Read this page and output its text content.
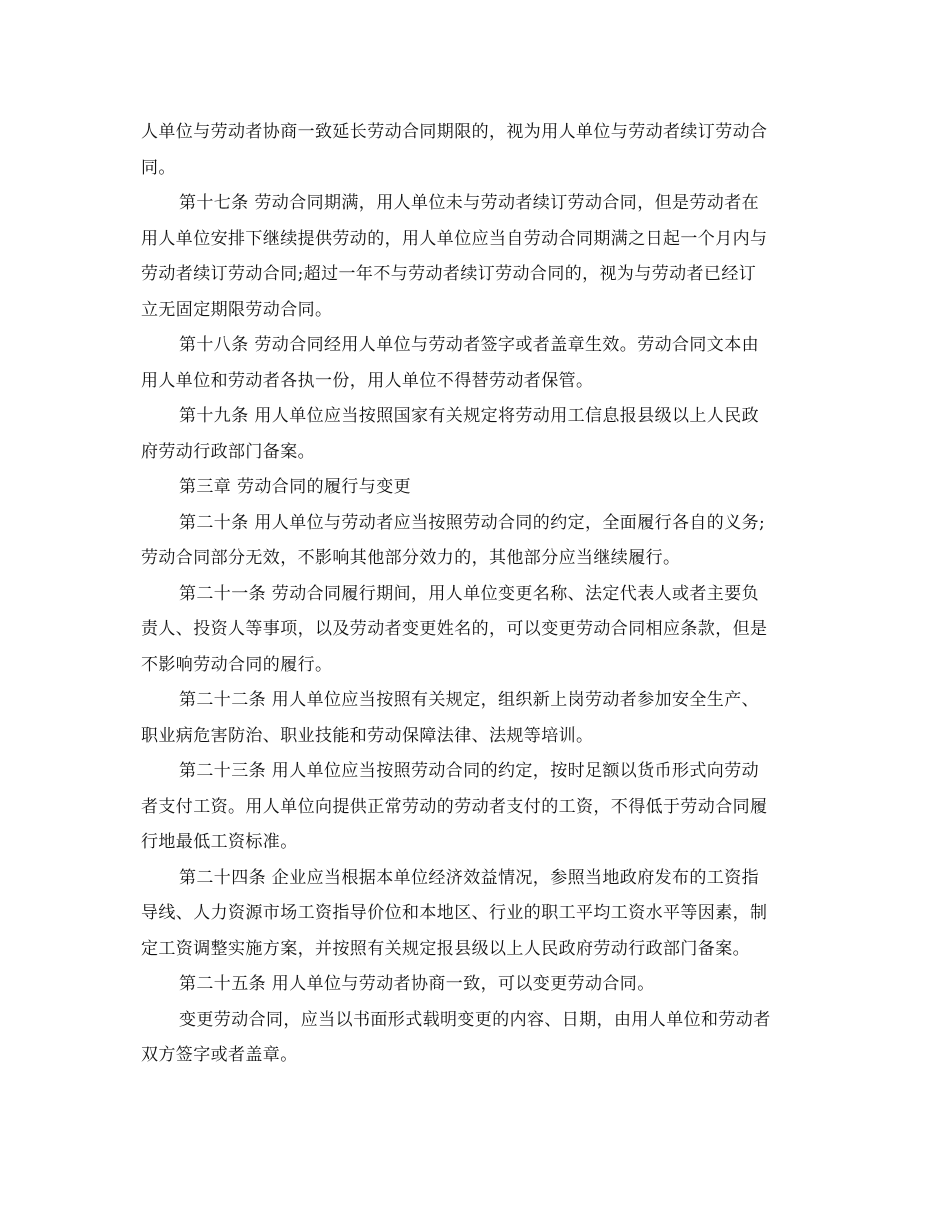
人单位与劳动者协商一致延长劳动合同期限的，视为用人单位与劳动者续订劳动合
同。
第十七条 劳动合同期满，用人单位未与劳动者续订劳动合同，但是劳动者在
用人单位安排下继续提供劳动的，用人单位应当自劳动合同期满之日起一个月内与
劳动者续订劳动合同;超过一年不与劳动者续订劳动合同的，视为与劳动者已经订
立无固定期限劳动合同。
第十八条 劳动合同经用人单位与劳动者签字或者盖章生效。劳动合同文本由
用人单位和劳动者各执一份，用人单位不得替劳动者保管。
第十九条 用人单位应当按照国家有关规定将劳动用工信息报县级以上人民政
府劳动行政部门备案。
第三章 劳动合同的履行与变更
第二十条 用人单位与劳动者应当按照劳动合同的约定，全面履行各自的义务;
劳动合同部分无效，不影响其他部分效力的，其他部分应当继续履行。
第二十一条 劳动合同履行期间，用人单位变更名称、法定代表人或者主要负
责人、投资人等事项，以及劳动者变更姓名的，可以变更劳动合同相应条款，但是
不影响劳动合同的履行。
第二十二条 用人单位应当按照有关规定，组织新上岗劳动者参加安全生产、
职业病危害防治、职业技能和劳动保障法律、法规等培训。
第二十三条 用人单位应当按照劳动合同的约定，按时足额以货币形式向劳动
者支付工资。用人单位向提供正常劳动的劳动者支付的工资，不得低于劳动合同履
行地最低工资标准。
第二十四条 企业应当根据本单位经济效益情况，参照当地政府发布的工资指
导线、人力资源市场工资指导价位和本地区、行业的职工平均工资水平等因素，制
定工资调整实施方案，并按照有关规定报县级以上人民政府劳动行政部门备案。
第二十五条 用人单位与劳动者协商一致，可以变更劳动合同。
变更劳动合同，应当以书面形式载明变更的内容、日期，由用人单位和劳动者
双方签字或者盖章。
